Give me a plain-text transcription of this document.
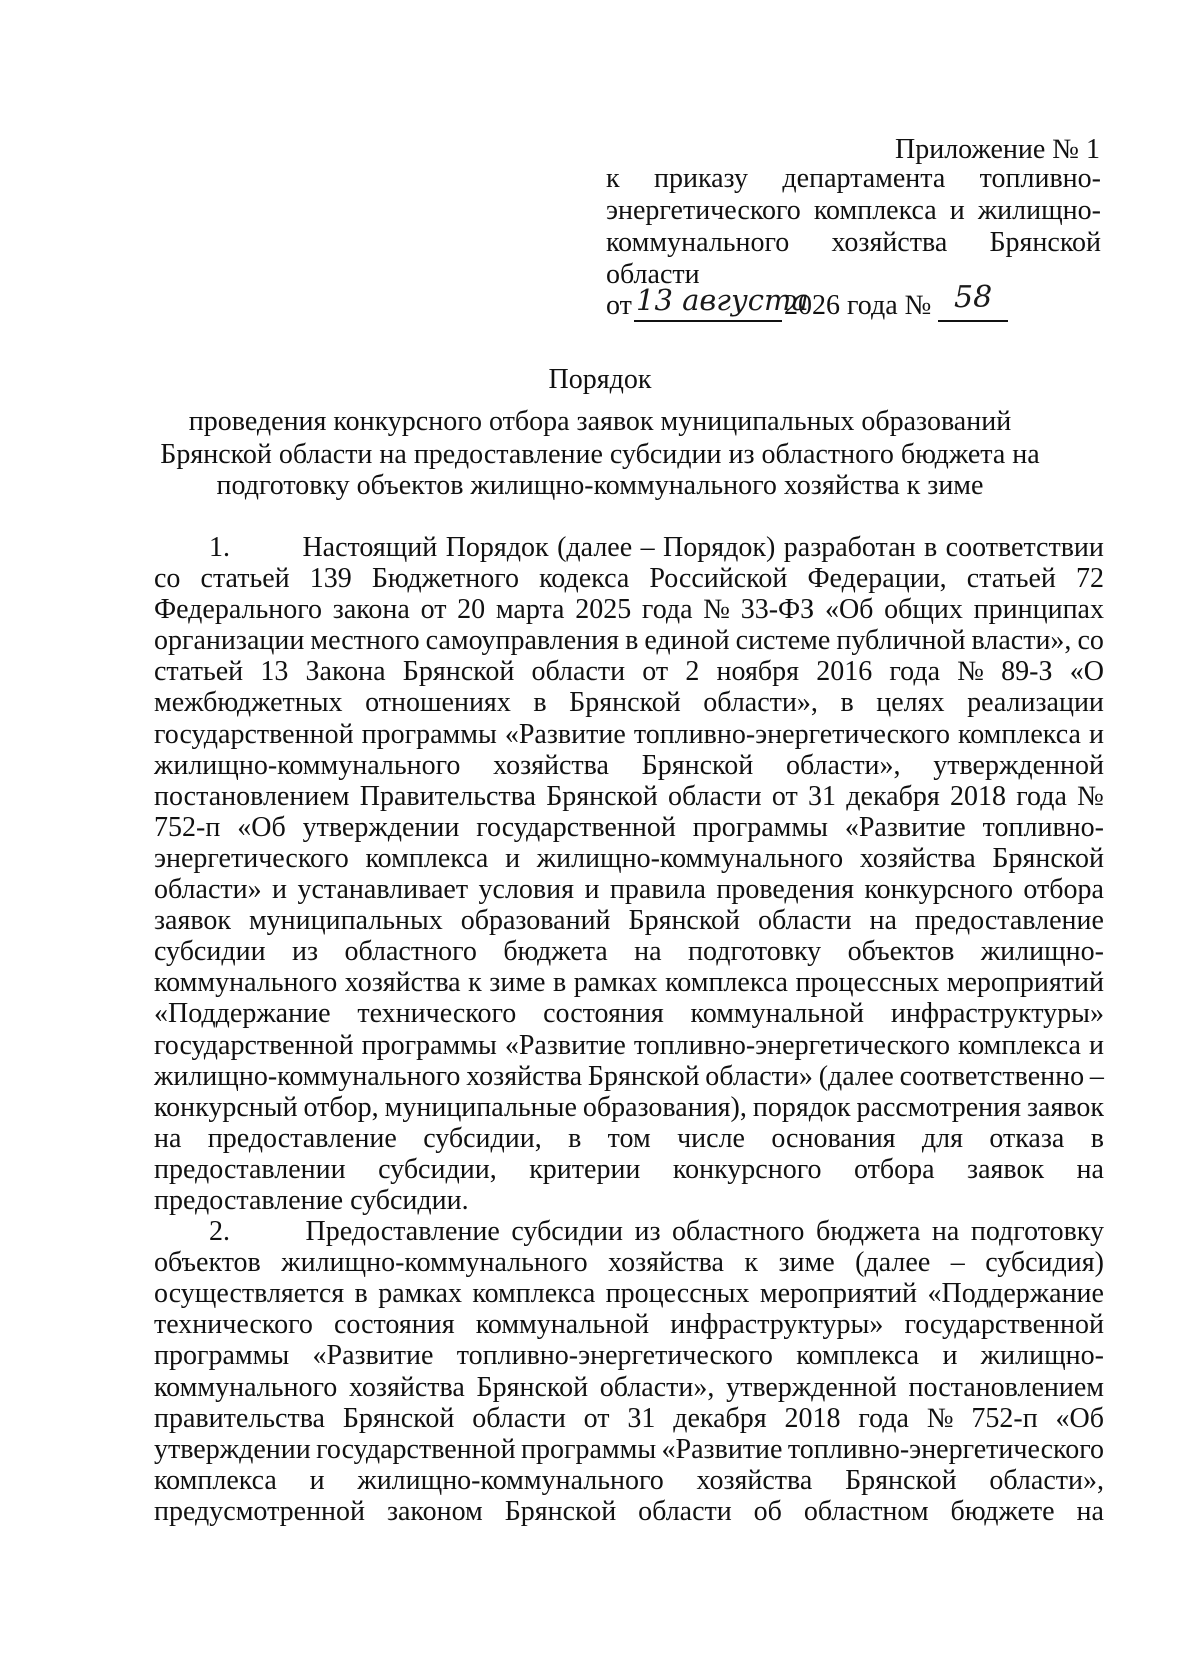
Приложение № 1
к приказу департамента топливно-
энергетического комплекса и жилищно-
коммунального хозяйства Брянской
области
от 13 августа
2026 года № 58
Порядок
проведения конкурсного отбора заявок муниципальных образований
Брянской области на предоставление субсидии из областного бюджета на
подготовку объектов жилищно-коммунального хозяйства к зиме
1.	Настоящий Порядок (далее – Порядок) разработан в соответствии
со статьей 139 Бюджетного кодекса Российской Федерации, статьей 72
Федерального закона от 20 марта 2025 года № 33-ФЗ «Об общих принципах
организации местного самоуправления в единой системе публичной власти», со
статьей 13 Закона Брянской области от 2 ноября 2016 года № 89-З «О
межбюджетных отношениях в Брянской области», в целях реализации
государственной программы «Развитие топливно-энергетического комплекса и
жилищно-коммунального хозяйства Брянской области», утвержденной
постановлением Правительства Брянской области от 31 декабря 2018 года №
752-п «Об утверждении государственной программы «Развитие топливно-
энергетического комплекса и жилищно-коммунального хозяйства Брянской
области» и устанавливает условия и правила проведения конкурсного отбора
заявок муниципальных образований Брянской области на предоставление
субсидии из областного бюджета на подготовку объектов жилищно-
коммунального хозяйства к зиме в рамках комплекса процессных мероприятий
«Поддержание технического состояния коммунальной инфраструктуры»
государственной программы «Развитие топливно-энергетического комплекса и
жилищно-коммунального хозяйства Брянской области» (далее соответственно –
конкурсный отбор, муниципальные образования), порядок рассмотрения заявок
на предоставление субсидии, в том числе основания для отказа в
предоставлении субсидии, критерии конкурсного отбора заявок на
предоставление субсидии.
2.	Предоставление субсидии из областного бюджета на подготовку
объектов жилищно-коммунального хозяйства к зиме (далее – субсидия)
осуществляется в рамках комплекса процессных мероприятий «Поддержание
технического состояния коммунальной инфраструктуры» государственной
программы «Развитие топливно-энергетического комплекса и жилищно-
коммунального хозяйства Брянской области», утвержденной постановлением
правительства Брянской области от 31 декабря 2018 года № 752-п «Об
утверждении государственной программы «Развитие топливно-энергетического
комплекса и жилищно-коммунального хозяйства Брянской области»,
предусмотренной законом Брянской области об областном бюджете на
